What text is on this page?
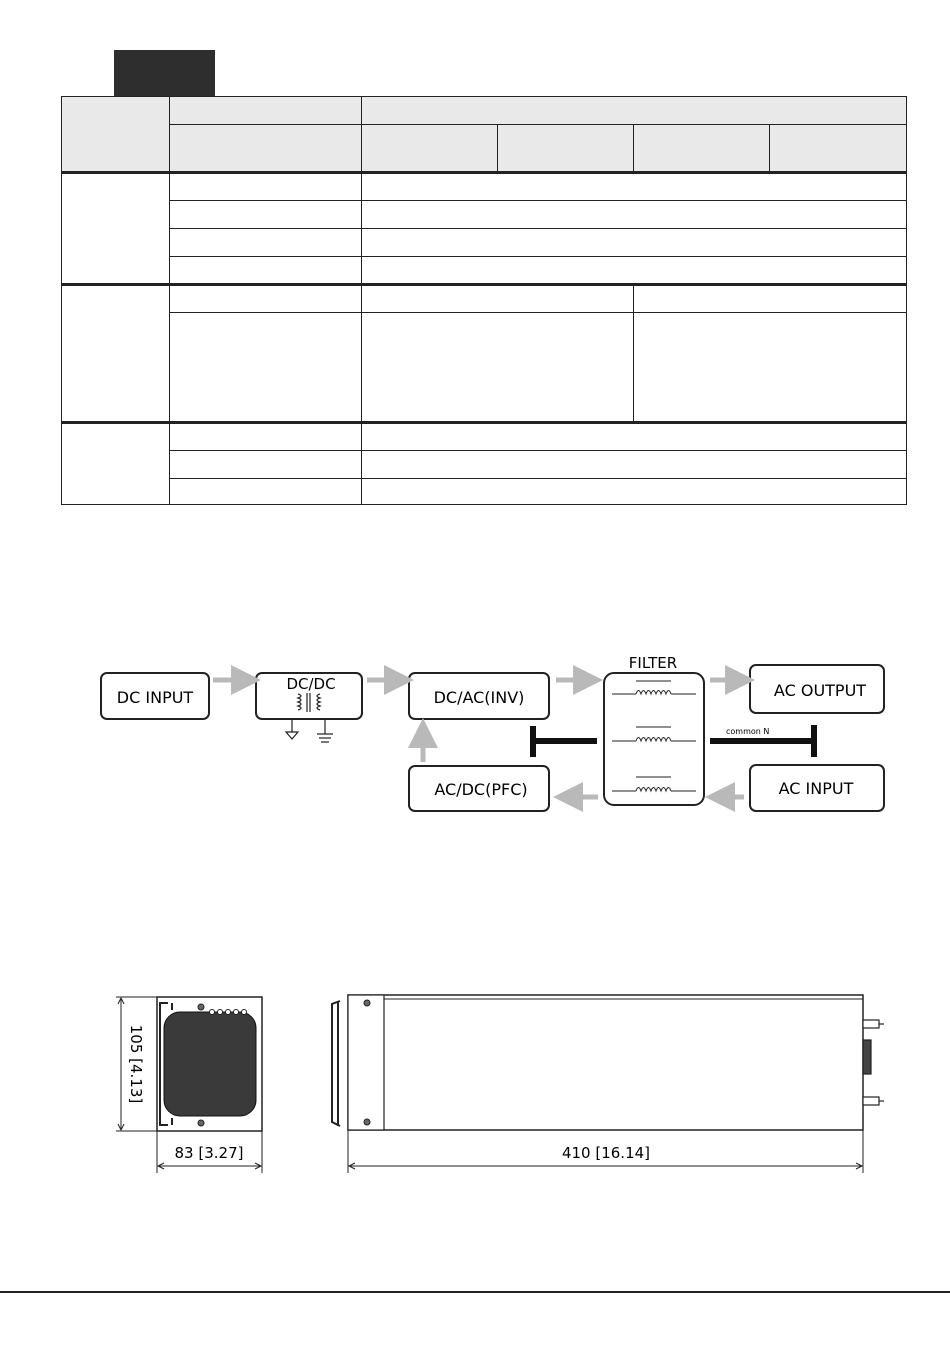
DC INPUT
DC/DC
DC/AC(INV)
FILTER
AC OUTPUT
AC/DC(PFC)	AC INPUT
common N
105 [4.13]
83 [3.27]	410 [16.14]
